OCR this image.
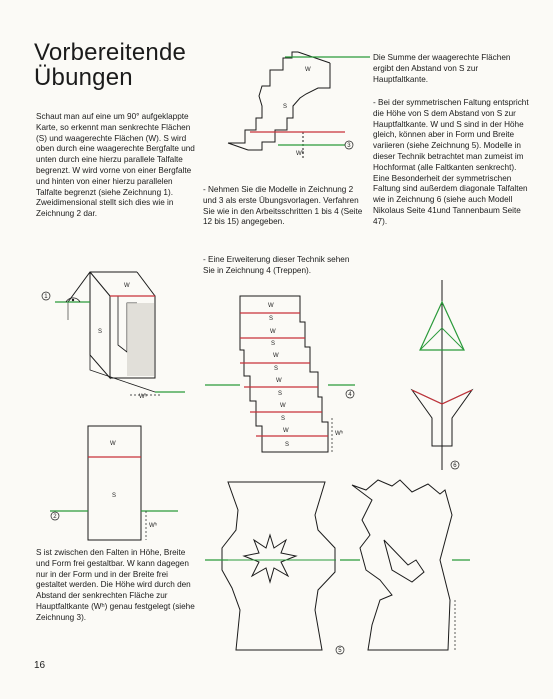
Vorbereitende
Übungen
Schaut man auf eine um 90° aufgeklappte Karte, so erkennt man senkrechte Flächen (S) und waagerechte Flächen (W). S wird oben durch eine waagerechte Bergfalte und unten durch eine hierzu parallele Talfalte begrenzt. W wird vorne von einer Bergfalte und hinten von einer hierzu parallelen Talfalte begrenzt (siehe Zeichnung 1). Zweidimensional stellt sich dies wie in Zeichnung 2 dar.
- Nehmen Sie die Modelle in Zeichnung 2 und 3 als erste Übungsvorlagen. Verfahren Sie wie in den Arbeitsschritten 1 bis 4 (Seite 12 bis 15) angegeben.
- Eine Erweiterung dieser Technik sehen Sie in Zeichnung 4 (Treppen).
Die Summe der waagerechte Flächen ergibt den Abstand von S zur Hauptfaltkante.
- Bei der symmetrischen Faltung entspricht die Höhe von S dem Abstand von S zur Hauptfaltkante. W und S sind in der Höhe gleich, können aber in Form und Breite variieren (siehe Zeichnung 5). Modelle in dieser Technik betrachtet man zumeist im Hochformat (alle Faltkanten senkrecht). Eine Besonderheit der symmetrischen Faltung sind außerdem diagonale Talfalten wie in Zeichnung 6 (siehe auch Modell Nikolaus Seite 41und Tannenbaum Seite 47).
S ist zwischen den Falten in Höhe, Breite und Form frei gestaltbar. W kann dagegen nur in der Form und in der Breite frei gestaltet werden. Die Höhe wird durch den Abstand der senkrechten Fläche zur Hauptfaltkante (Wʰ) genau festgelegt (siehe Zeichnung 3).
16
W
S
Wʰ
3
W
S
Wʰ
1
W
S
Wʰ
2
W
S
W
S
W
S
W
S
W
S
W
S
Wʰ
4
6
5
